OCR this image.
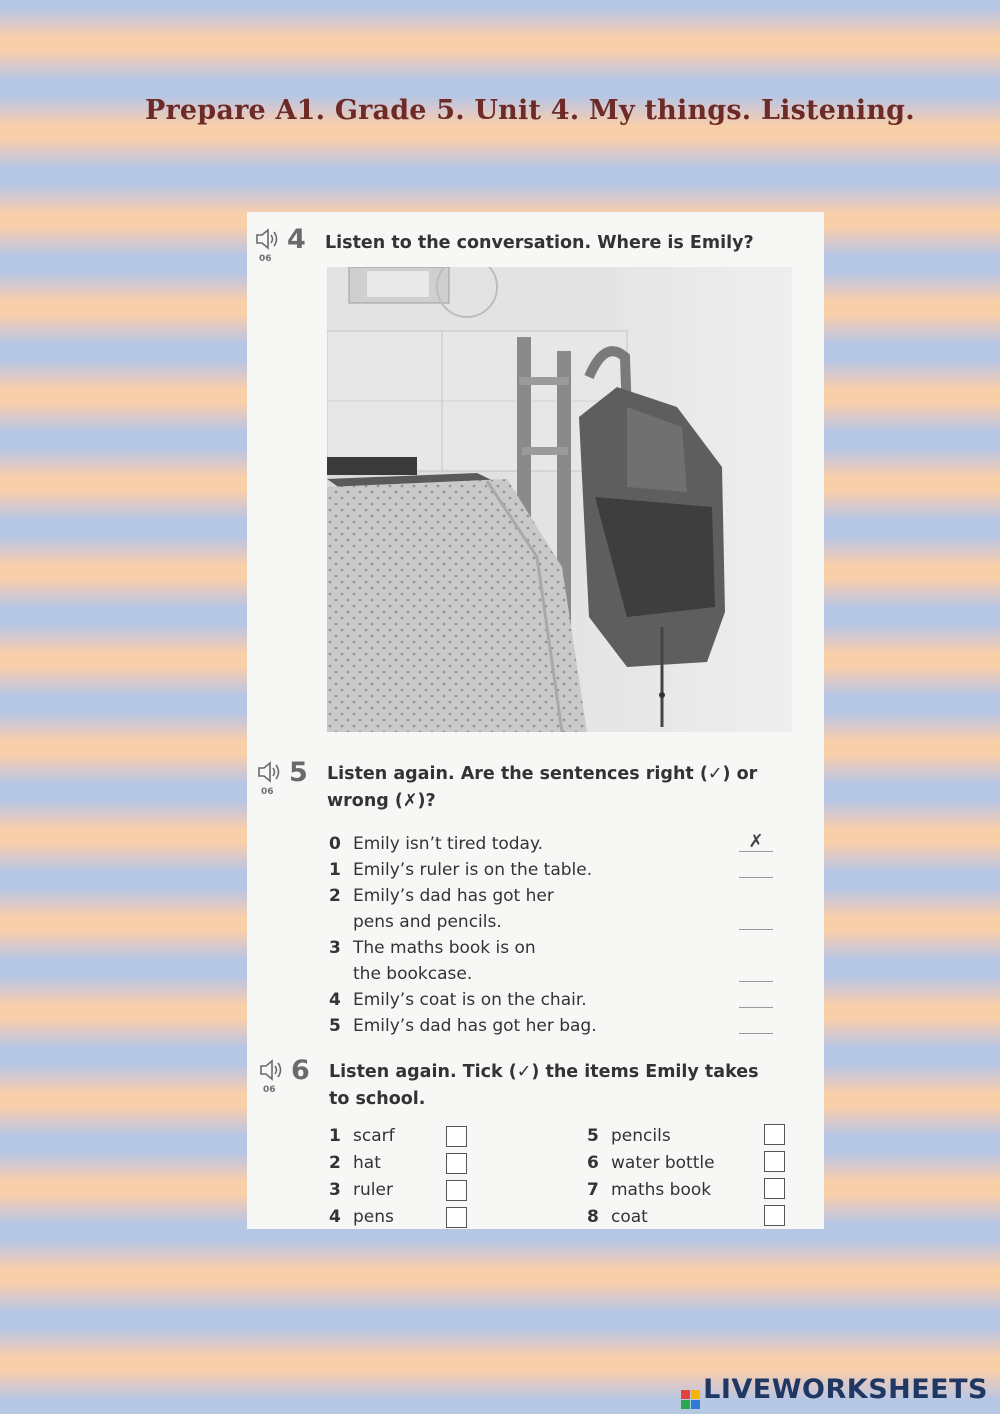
Prepare A1. Grade 5. Unit 4. My things. Listening.
06
4 Listen to the conversation. Where is Emily?
06
5 Listen again. Are the sentences right (✓) or
wrong (✗)?
0 Emily isn’t tired today.	✗
1 Emily’s ruler is on the table.
2 Emily’s dad has got her
pens and pencils.
3 The maths book is on
the bookcase.
4 Emily’s coat is on the chair.
5 Emily’s dad has got her bag.
06
6 Listen again. Tick (✓) the items Emily takes
to school.
1 scarf
2 hat
3 ruler
4 pens
5 pencils
6 water bottle
7 maths book
8 coat
LIVEWORKSHEETS
